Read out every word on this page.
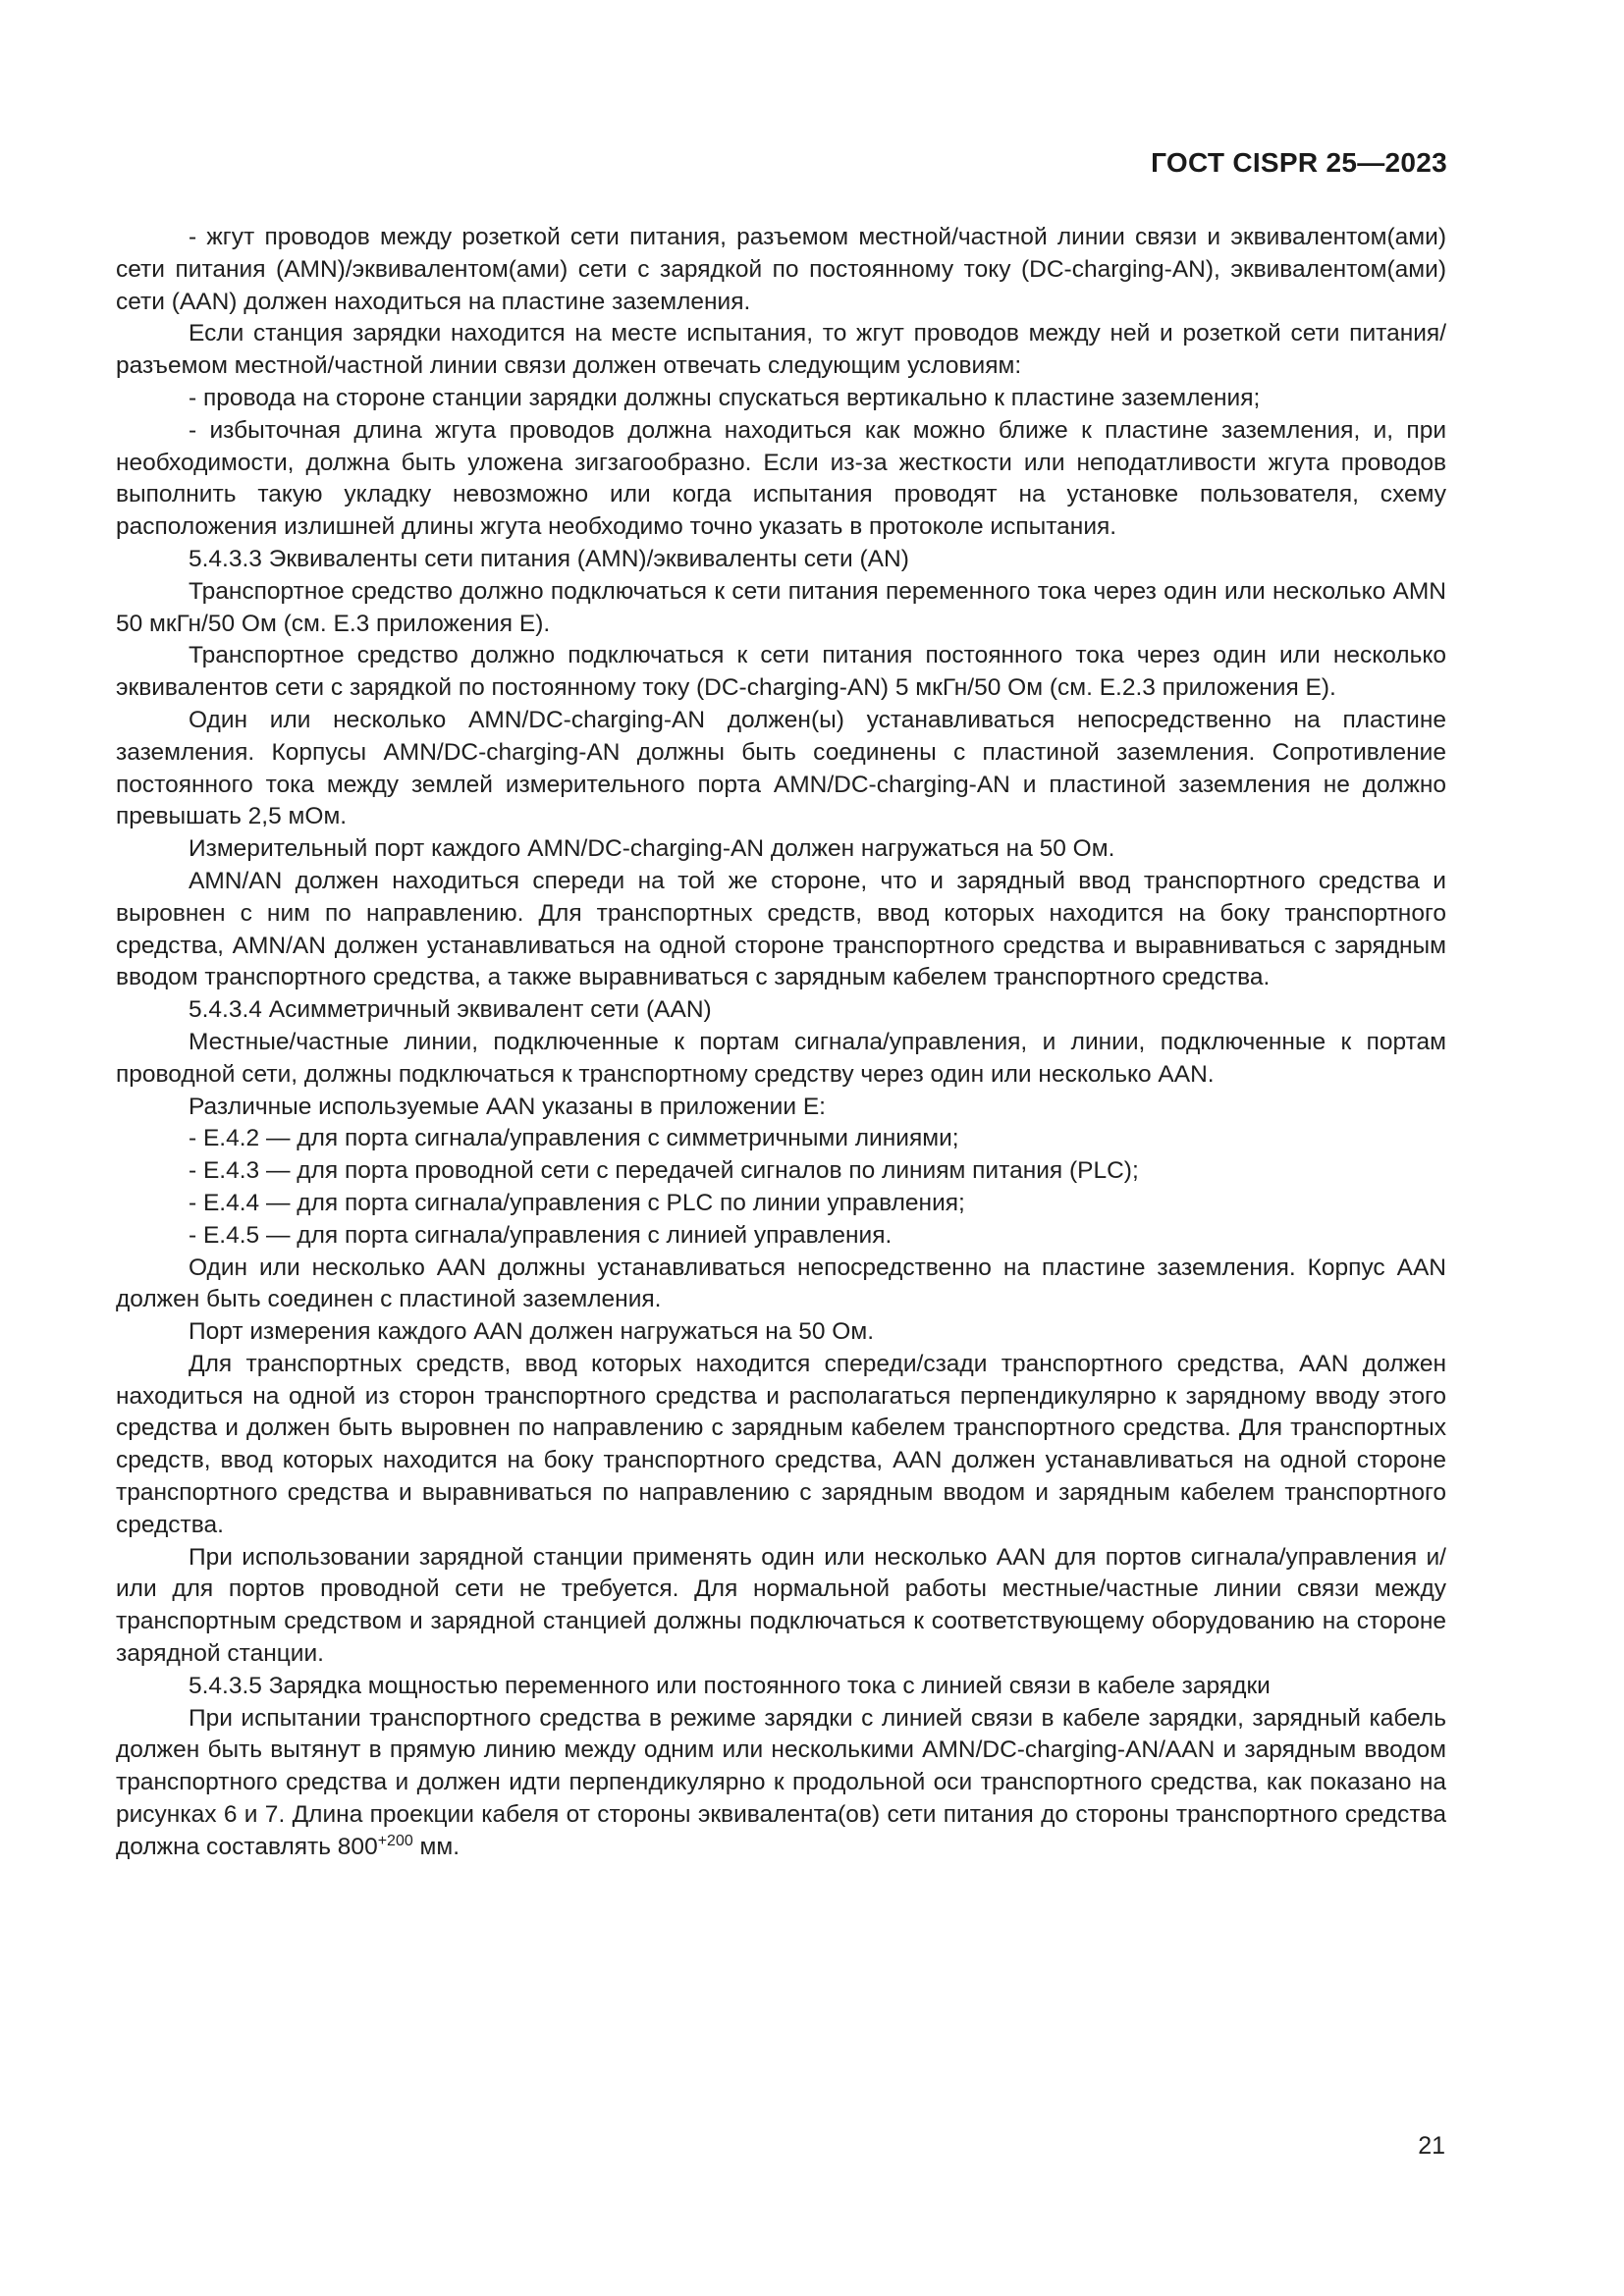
ГОСТ CISPR 25—2023

- жгут проводов между розеткой сети питания, разъемом местной/частной линии связи и эквивалентом(ами) сети питания (AMN)/эквивалентом(ами) сети с зарядкой по постоянному току (DC-charging-AN), эквивалентом(ами) сети (AAN) должен находиться на пластине заземления.

Если станция зарядки находится на месте испытания, то жгут проводов между ней и розеткой сети питания/разъемом местной/частной линии связи должен отвечать следующим условиям:

- провода на стороне станции зарядки должны спускаться вертикально к пластине заземления;

- избыточная длина жгута проводов должна находиться как можно ближе к пластине заземления, и, при необходимости, должна быть уложена зигзагообразно. Если из-за жесткости или неподатливости жгута проводов выполнить такую укладку невозможно или когда испытания проводят на установке пользователя, схему расположения излишней длины жгута необходимо точно указать в протоколе испытания.

5.4.3.3 Эквиваленты сети питания (AMN)/эквиваленты сети (AN)

Транспортное средство должно подключаться к сети питания переменного тока через один или несколько AMN 50 мкГн/50 Ом (см. Е.3 приложения Е).

Транспортное средство должно подключаться к сети питания постоянного тока через один или несколько эквивалентов сети с зарядкой по постоянному току (DC-charging-AN) 5 мкГн/50 Ом (см. Е.2.3 приложения Е).

Один или несколько AMN/DC-charging-AN должен(ы) устанавливаться непосредственно на пластине заземления. Корпусы AMN/DC-charging-AN должны быть соединены с пластиной заземления. Сопротивление постоянного тока между землей измерительного порта AMN/DC-charging-AN и пластиной заземления не должно превышать 2,5 мОм.

Измерительный порт каждого AMN/DC-charging-AN должен нагружаться на 50 Ом.

AMN/AN должен находиться спереди на той же стороне, что и зарядный ввод транспортного средства и выровнен с ним по направлению. Для транспортных средств, ввод которых находится на боку транспортного средства, AMN/AN должен устанавливаться на одной стороне транспортного средства и выравниваться с зарядным вводом транспортного средства, а также выравниваться с зарядным кабелем транспортного средства.

5.4.3.4 Асимметричный эквивалент сети (AAN)

Местные/частные линии, подключенные к портам сигнала/управления, и линии, подключенные к портам проводной сети, должны подключаться к транспортному средству через один или несколько AAN.

Различные используемые AAN указаны в приложении Е:

- Е.4.2 — для порта сигнала/управления с симметричными линиями;

- Е.4.3 — для порта проводной сети с передачей сигналов по линиям питания (PLC);

- Е.4.4 — для порта сигнала/управления с PLC по линии управления;

- Е.4.5 — для порта сигнала/управления с линией управления.

Один или несколько AAN должны устанавливаться непосредственно на пластине заземления. Корпус AAN должен быть соединен с пластиной заземления.

Порт измерения каждого AAN должен нагружаться на 50 Ом.

Для транспортных средств, ввод которых находится спереди/сзади транспортного средства, AAN должен находиться на одной из сторон транспортного средства и располагаться перпендикулярно к зарядному вводу этого средства и должен быть выровнен по направлению с зарядным кабелем транспортного средства. Для транспортных средств, ввод которых находится на боку транспортного средства, AAN должен устанавливаться на одной стороне транспортного средства и выравниваться по направлению с зарядным вводом и зарядным кабелем транспортного средства.

При использовании зарядной станции применять один или несколько AAN для портов сигнала/управления и/или для портов проводной сети не требуется. Для нормальной работы местные/частные линии связи между транспортным средством и зарядной станцией должны подключаться к соответствующему оборудованию на стороне зарядной станции.

5.4.3.5 Зарядка мощностью переменного или постоянного тока с линией связи в кабеле зарядки

При испытании транспортного средства в режиме зарядки с линией связи в кабеле зарядки, зарядный кабель должен быть вытянут в прямую линию между одним или несколькими AMN/DC-charging-AN/AAN и зарядным вводом транспортного средства и должен идти перпендикулярно к продольной оси транспортного средства, как показано на рисунках 6 и 7. Длина проекции кабеля от стороны эквивалента(ов) сети питания до стороны транспортного средства должна составлять $800^{+200}$ мм.

21
